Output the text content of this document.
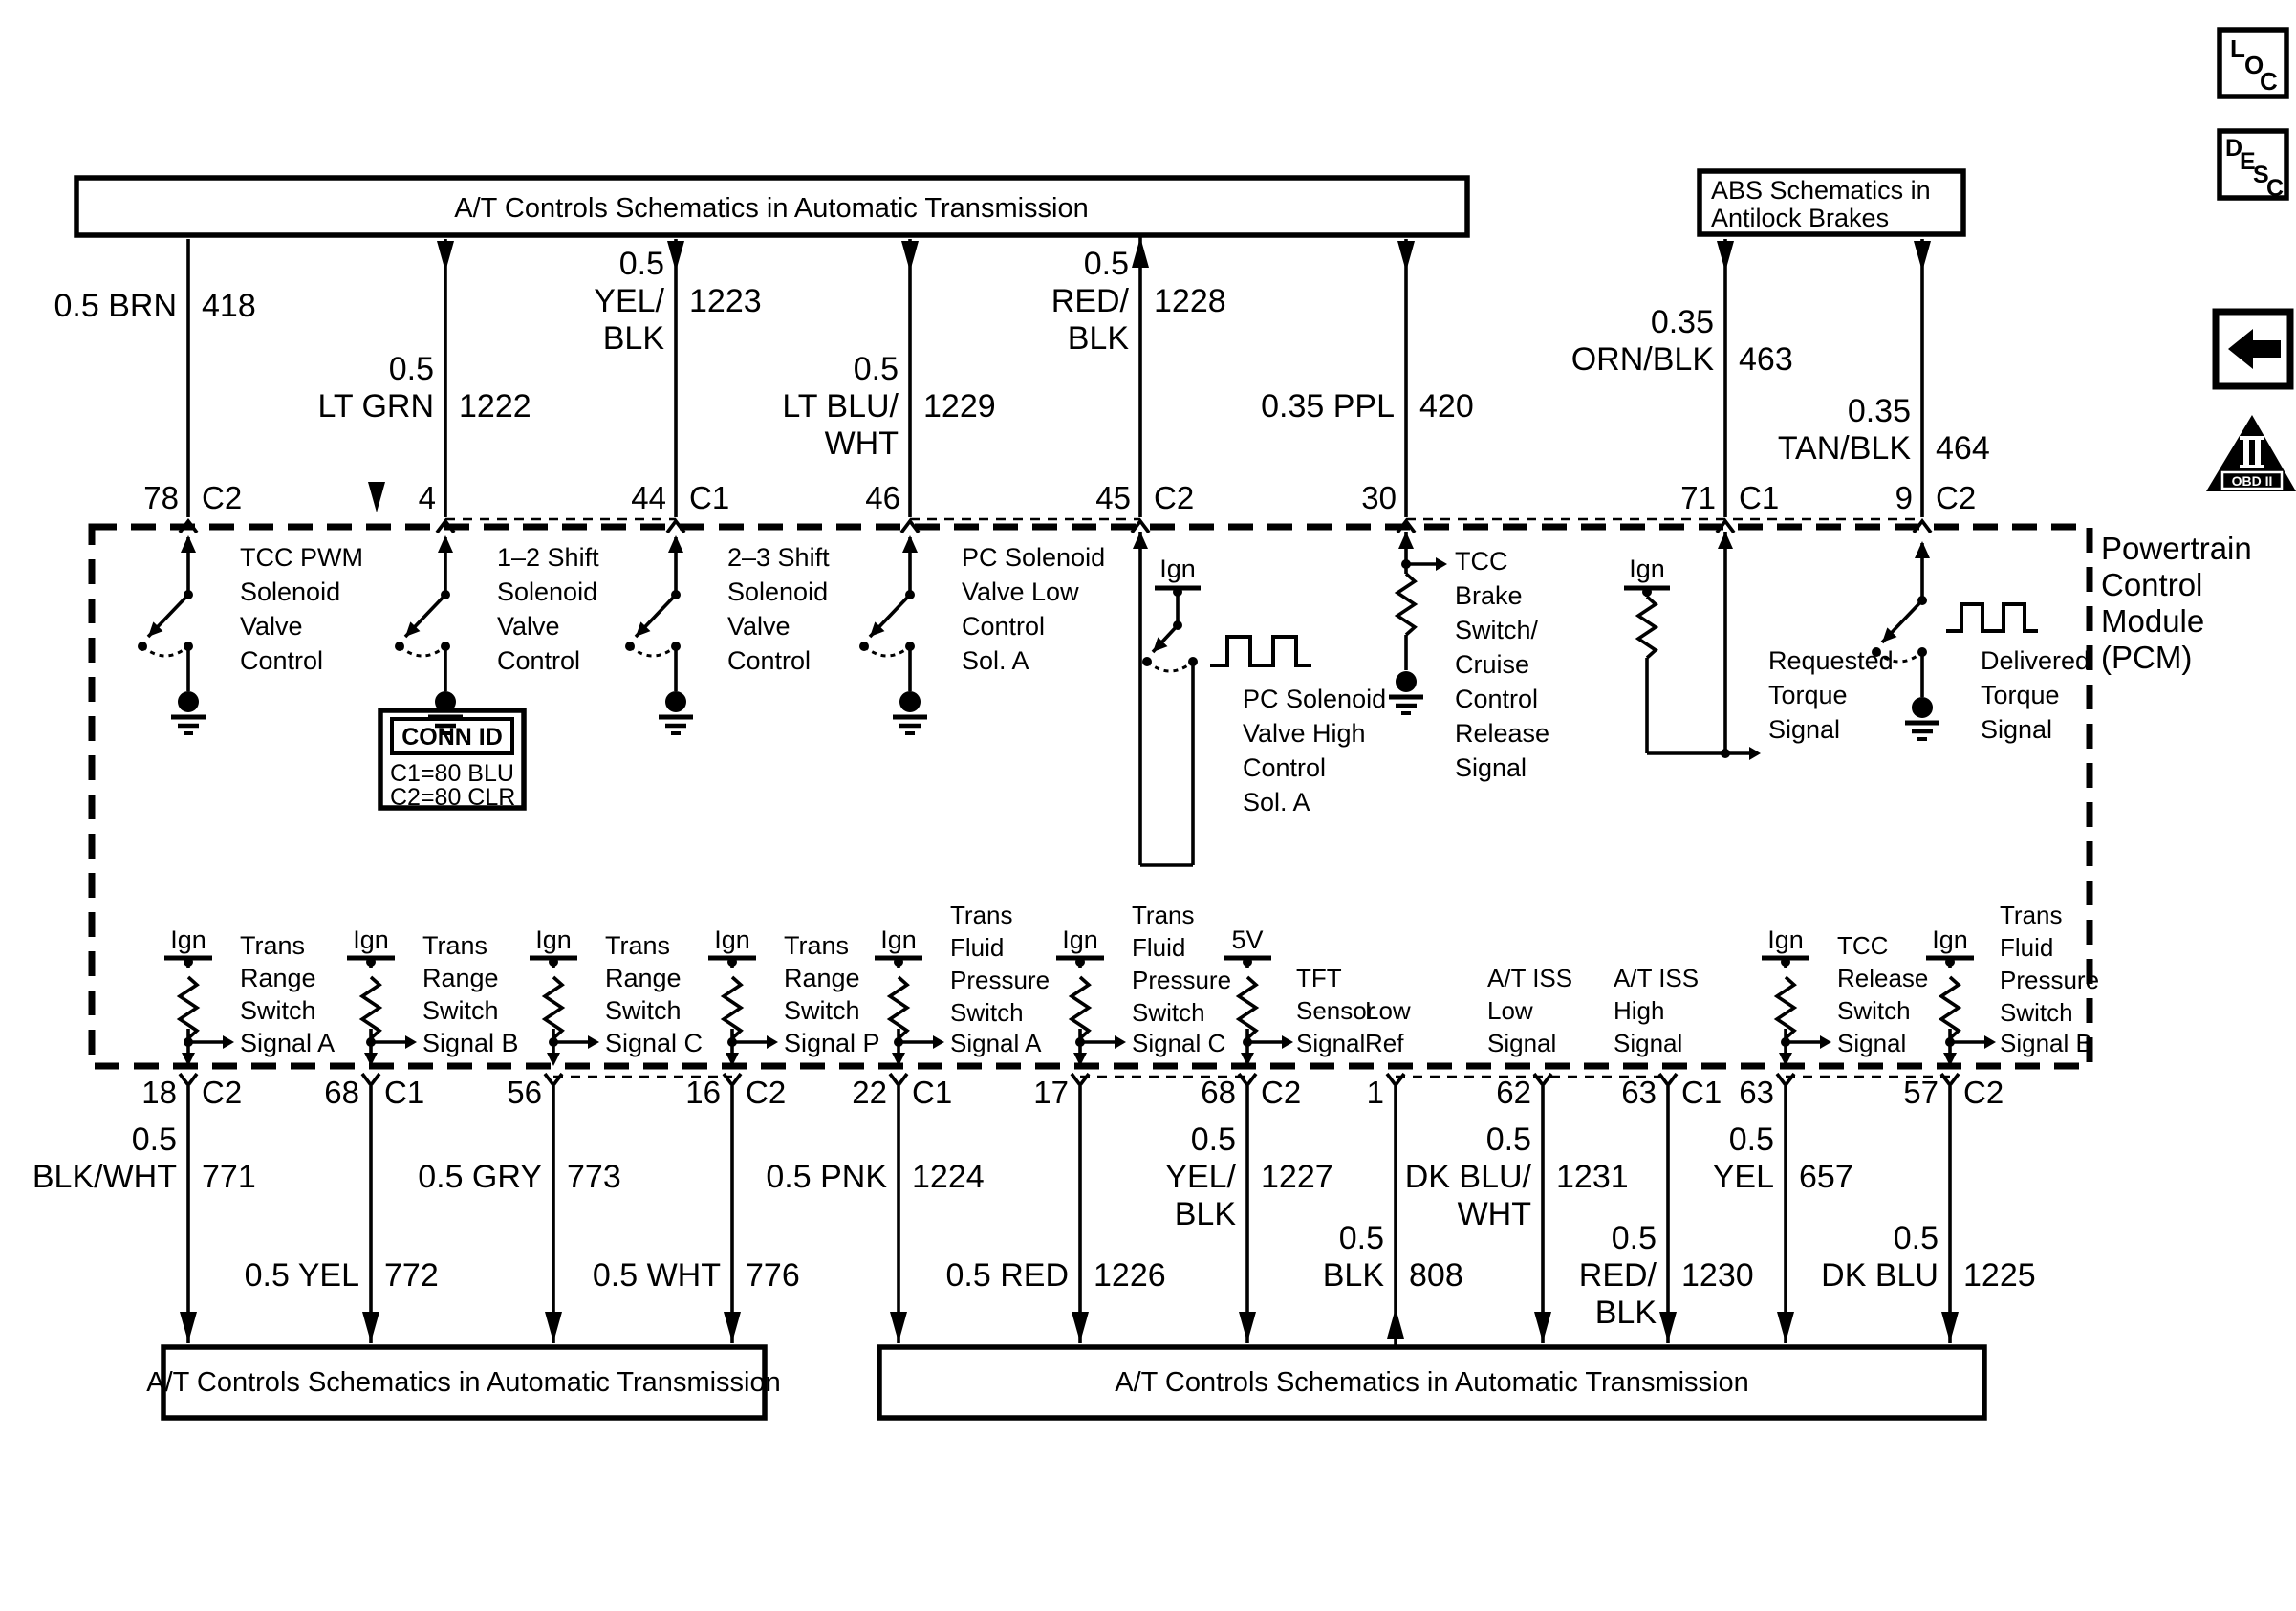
L
O
C
D
E
S
C
OBD II
A/T Controls Schematics in Automatic Transmission
ABS Schematics in
Antilock Brakes
A/T Controls Schematics in Automatic Transmission	A/T Controls Schematics in Automatic Transmission
Powertrain
Control
Module
(PCM)
CONN ID
C1=80 BLU
C2=80 CLR
0.5 BRN 418
78 C2
TCC PWM
Solenoid
Valve
Control
0.5
LT GRN 1222
4
1–2 Shift
Solenoid
Valve
Control
0.5
YEL/
BLK
1223
44 C1
2–3 Shift
Solenoid
Valve
Control
0.5
LT BLU/
WHT
1229
46
PC Solenoid
Valve Low
Control
Sol. A
0.5
RED/
BLK
1228
45 C2
Ign
PC Solenoid
Valve High
Control
Sol. A
0.35 PPL 420
30
TCC
Brake
Switch/
Cruise
Control
Release
Signal
0.35
ORN/BLK 463
71 C1
Ign
Requested
Torque
Signal
0.35
TAN/BLK 464
9 C2
Delivered
Torque
Signal
Ign Trans
Range
Switch
Signal A
18 C2
0.5
BLK/WHT 771
Ign Trans
Range
Switch
Signal B
68 C1
0.5 YEL 772
Ign Trans
Range
Switch
Signal C
56
0.5 GRY 773
Ign Trans
Range
Switch
Signal P
16 C2
0.5 WHT 776
Ign
Trans
Fluid
Pressure
Switch
Signal A
22 C1
0.5 PNK 1224
Ign
Trans
Fluid
Pressure
Switch
Signal C
17
0.5 RED 1226
5V
TFT
Sensor
Signal
68 C2
0.5
YEL/
BLK
1227
Low
Ref
1
0.5
BLK 808
A/T ISS
Low
Signal
62
0.5
DK BLU/
WHT
1231
A/T ISS
High
Signal
63 C1
0.5
RED/
BLK
1230
Ign TCC
Release
Switch
Signal
63
0.5
YEL 657
Ign
Trans
Fluid
Pressure
Switch
Signal B
57 C2
0.5
DK BLU 1225
